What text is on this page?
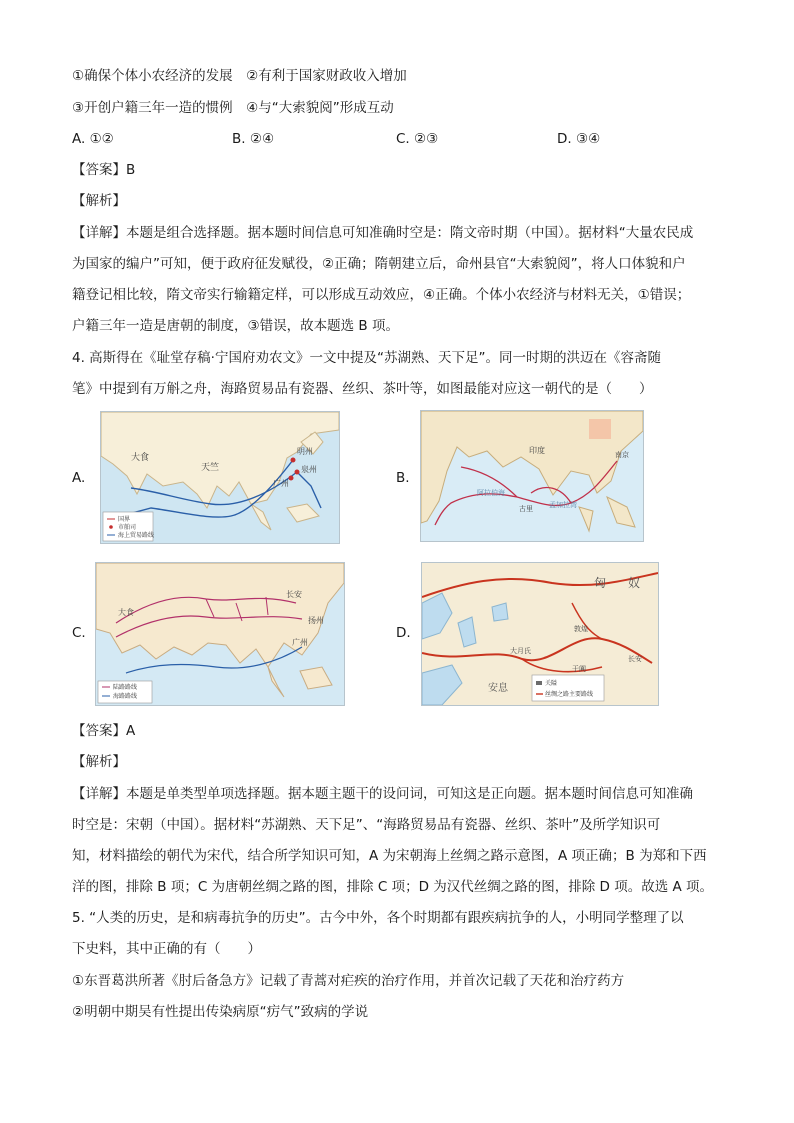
①确保个体小农经济的发展　②有利于国家财政收入增加
③开创户籍三年一造的惯例　④与“大索貌阅”形成互动
A. ①②	B. ②④	C. ②③	D. ③④
【答案】B
【解析】
【详解】本题是组合选择题。据本题时间信息可知准确时空是：隋文帝时期（中国）。据材料“大量农民成
为国家的编户”可知，便于政府征发赋役，②正确；隋朝建立后，命州县官“大索貌阅”，将人口体貌和户
籍登记相比较，隋文帝实行输籍定样，可以形成互动效应，④正确。个体小农经济与材料无关，①错误；
户籍三年一造是唐朝的制度，③错误，故本题选 B 项。
4. 高斯得在《耻堂存稿·宁国府劝农文》一文中提及“苏湖熟、天下足”。同一时期的洪迈在《容斋随
笔》中提到有万斛之舟，海路贸易品有瓷器、丝织、茶叶等，如图最能对应这一朝代的是（　　）
A.
大食
天竺
广州
泉州
明州
国界
市舶司
海上贸易路线
B.
印度
阿拉伯海
孟加拉湾
南京
古里
C.
大食
长安
广州
扬州
陆路路线
海路路线
D.
匈 奴
安息
敦煌
长安
大月氏
于阗
关隘
丝绸之路主要路线
【答案】A
【解析】
【详解】本题是单类型单项选择题。据本题主题干的设问词，可知这是正向题。据本题时间信息可知准确
时空是：宋朝（中国）。据材料“苏湖熟、天下足”、“海路贸易品有瓷器、丝织、茶叶”及所学知识可
知，材料描绘的朝代为宋代，结合所学知识可知，A 为宋朝海上丝绸之路示意图，A 项正确；B 为郑和下西
洋的图，排除 B 项；C 为唐朝丝绸之路的图，排除 C 项；D 为汉代丝绸之路的图，排除 D 项。故选 A 项。
5. “人类的历史，是和病毒抗争的历史”。古今中外，各个时期都有跟疾病抗争的人，小明同学整理了以
下史料，其中正确的有（　　）
①东晋葛洪所著《肘后备急方》记载了青蒿对疟疾的治疗作用，并首次记载了天花和治疗药方
②明朝中期吴有性提出传染病原“疠气”致病的学说
